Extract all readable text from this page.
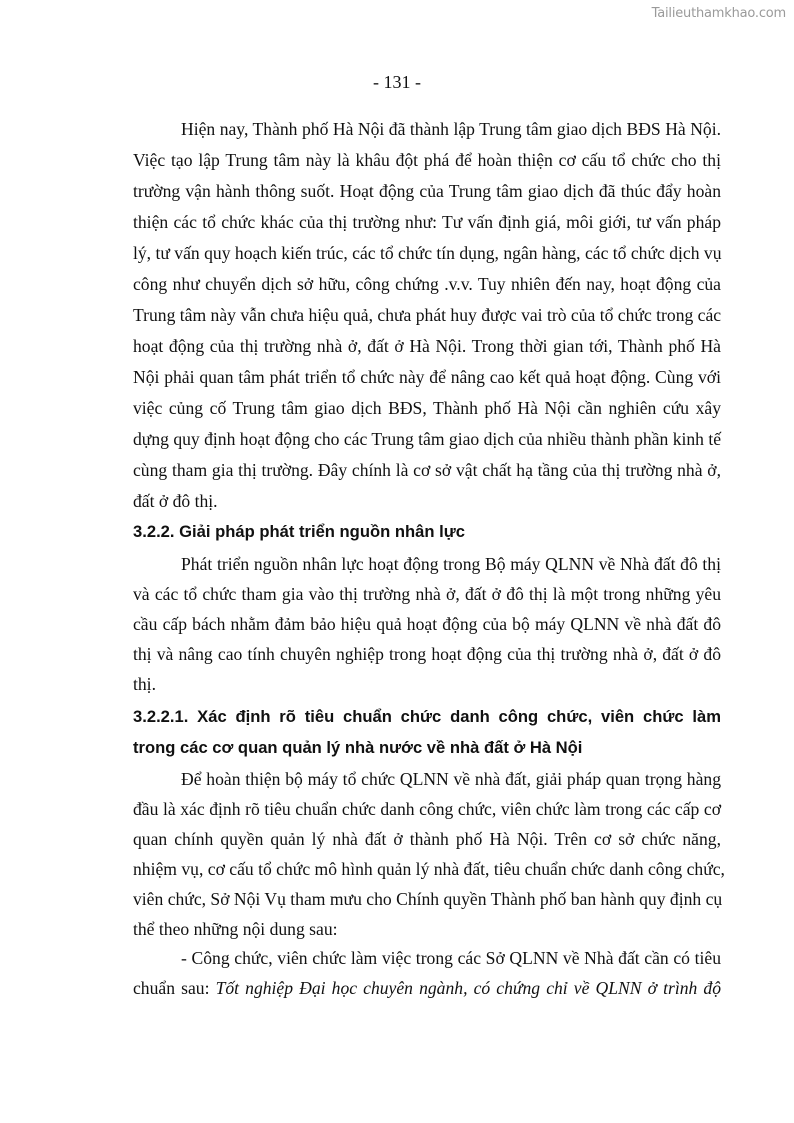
Tailieuthamkhao.com
- 131 -
Hiện nay, Thành phố Hà Nội đã thành lập Trung tâm giao dịch BĐS Hà Nội.
Việc tạo lập Trung tâm này là khâu đột phá để hoàn thiện cơ cấu tổ chức cho thị
trường vận hành thông suốt. Hoạt động của Trung tâm giao dịch đã thúc đẩy hoàn
thiện các tổ chức khác của thị trường như: Tư vấn định giá, môi giới, tư vấn pháp
lý, tư vấn quy hoạch kiến trúc, các tổ chức tín dụng, ngân hàng, các tổ chức dịch vụ
công như chuyển dịch sở hữu, công chứng .v.v. Tuy nhiên đến nay, hoạt động của
Trung tâm này vẫn chưa hiệu quả, chưa phát huy được vai trò của tổ chức trong các
hoạt động của thị trường nhà ở, đất ở Hà Nội. Trong thời gian tới, Thành phố Hà
Nội phải quan tâm phát triển tổ chức này để nâng cao kết quả hoạt động. Cùng với
việc củng cố Trung tâm giao dịch BĐS, Thành phố Hà Nội cần nghiên cứu xây
dựng quy định hoạt động cho các Trung tâm giao dịch của nhiều thành phần kinh tế
cùng tham gia thị trường. Đây chính là cơ sở vật chất hạ tầng của thị trường nhà ở,
đất ở đô thị.
3.2.2. Giải pháp phát triển nguồn nhân lực
Phát triển nguồn nhân lực hoạt động trong Bộ máy QLNN về Nhà đất đô thị
và các tổ chức tham gia vào thị trường nhà ở, đất ở đô thị là một trong những yêu
cầu cấp bách nhằm đảm bảo hiệu quả hoạt động của bộ máy QLNN về nhà đất đô
thị và nâng cao tính chuyên nghiệp trong hoạt động của thị trường nhà ở, đất ở đô
thị.
3.2.2.1. Xác định rõ tiêu chuẩn chức danh công chức, viên chức làm
trong các cơ quan quản lý nhà nước về nhà đất ở Hà Nội
Để hoàn thiện bộ máy tổ chức QLNN về nhà đất, giải pháp quan trọng hàng
đầu là xác định rõ tiêu chuẩn chức danh công chức, viên chức làm trong các cấp cơ
quan chính quyền quản lý nhà đất ở thành phố Hà Nội. Trên cơ sở chức năng,
nhiệm vụ, cơ cấu tổ chức mô hình quản lý nhà đất, tiêu chuẩn chức danh công chức,
viên chức, Sở Nội Vụ tham mưu cho Chính quyền Thành phố ban hành quy định cụ
thể theo những nội dung sau:
- Công chức, viên chức làm việc trong các Sở QLNN về Nhà đất cần có tiêu
chuẩn sau: Tốt nghiệp Đại học chuyên ngành, có chứng chỉ về QLNN ở trình độ
